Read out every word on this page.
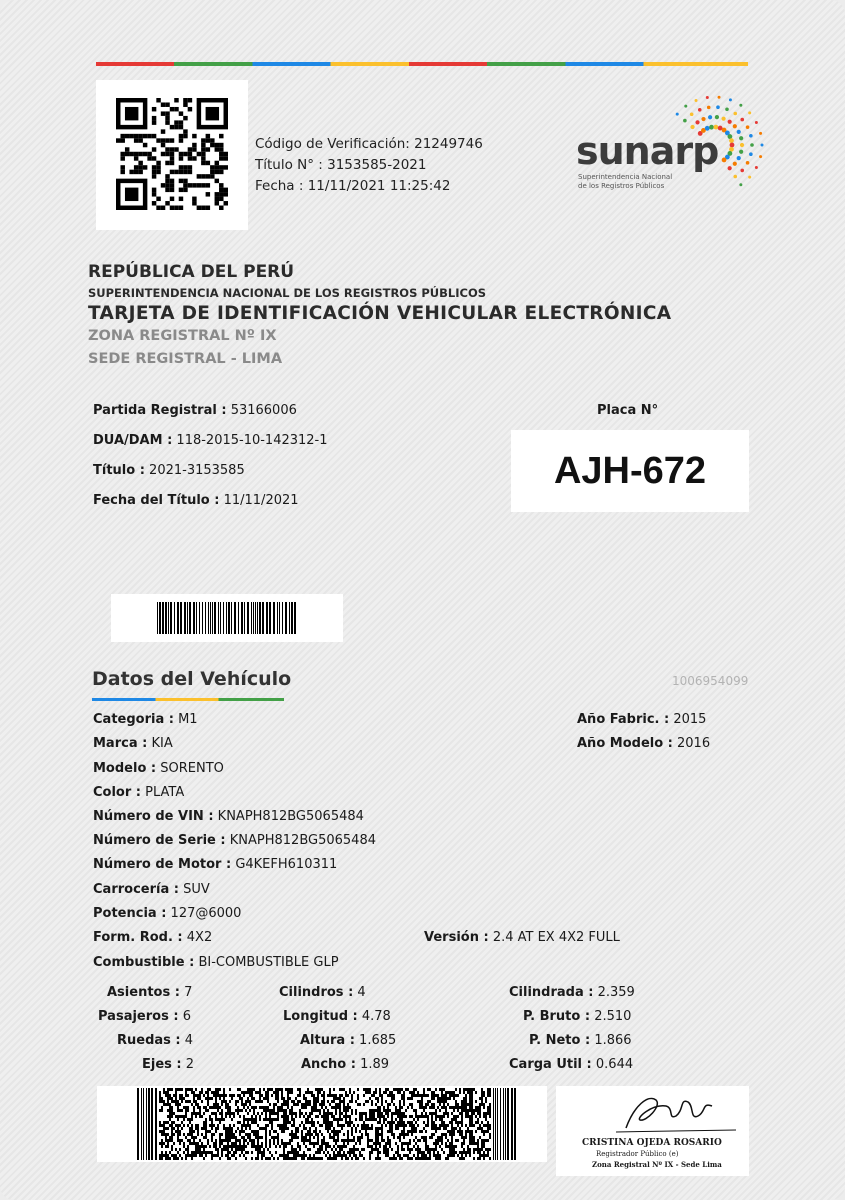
Código de Verificación: 21249746
Título N° : 3153585-2021
Fecha : 11/11/2021 11:25:42
sunarp
Superintendencia Nacional
de los Registros Públicos
REPÚBLICA DEL PERÚ
SUPERINTENDENCIA NACIONAL DE LOS REGISTROS PÚBLICOS
TARJETA DE IDENTIFICACIÓN VEHICULAR ELECTRÓNICA
ZONA REGISTRAL Nº IX
SEDE REGISTRAL - LIMA
Partida Registral : 53166006
DUA/DAM : 118-2015-10-142312-1
Título : 2021-3153585
Fecha del Título : 11/11/2021
Placa N°
AJH-672
Datos del Vehículo	1006954099
Categoria : M1
Marca : KIA
Modelo : SORENTO
Color : PLATA
Número de VIN : KNAPH812BG5065484
Número de Serie : KNAPH812BG5065484
Número de Motor : G4KEFH610311
Carrocería : SUV
Potencia : 127@6000
Form. Rod. : 4X2
Combustible : BI-COMBUSTIBLE GLP
Año Fabric. : 2015
Año Modelo : 2016
Versión : 2.4 AT EX 4X2 FULL
Asientos : 7
Pasajeros : 6
Ruedas : 4
Ejes : 2
Cilindros : 4
Longitud : 4.78
Altura : 1.685
Ancho : 1.89
Cilindrada : 2.359
P. Bruto : 2.510
P. Neto : 1.866
Carga Util : 0.644
CRISTINA OJEDA ROSARIO
Registrador Público (e)
Zona Registral Nº IX - Sede Lima
